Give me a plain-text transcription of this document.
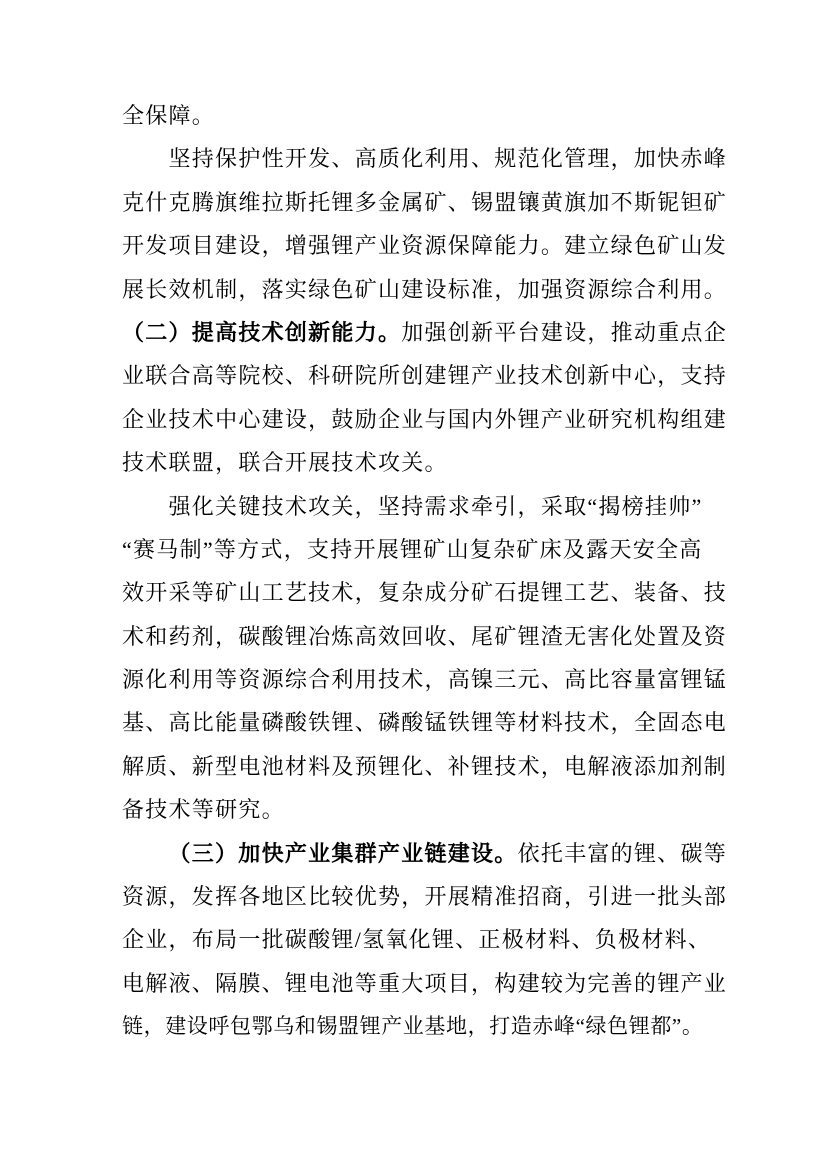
全保障。
坚持保护性开发、高质化利用、规范化管理，加快赤峰
克什克腾旗维拉斯托锂多金属矿、锡盟镶黄旗加不斯铌钽矿
开发项目建设，增强锂产业资源保障能力。建立绿色矿山发
展长效机制，落实绿色矿山建设标准，加强资源综合利用。
（二）提高技术创新能力。加强创新平台建设，推动重点企
业联合高等院校、科研院所创建锂产业技术创新中心，支持
企业技术中心建设，鼓励企业与国内外锂产业研究机构组建
技术联盟，联合开展技术攻关。
强化关键技术攻关，坚持需求牵引，采取“揭榜挂帅”
“赛马制”等方式，支持开展锂矿山复杂矿床及露天安全高
效开采等矿山工艺技术，复杂成分矿石提锂工艺、装备、技
术和药剂，碳酸锂冶炼高效回收、尾矿锂渣无害化处置及资
源化利用等资源综合利用技术，高镍三元、高比容量富锂锰
基、高比能量磷酸铁锂、磷酸锰铁锂等材料技术，全固态电
解质、新型电池材料及预锂化、补锂技术，电解液添加剂制
备技术等研究。
（三）加快产业集群产业链建设。依托丰富的锂、碳等
资源，发挥各地区比较优势，开展精准招商，引进一批头部
企业，布局一批碳酸锂/氢氧化锂、正极材料、负极材料、
电解液、隔膜、锂电池等重大项目，构建较为完善的锂产业
链，建设呼包鄂乌和锡盟锂产业基地，打造赤峰“绿色锂都”。
